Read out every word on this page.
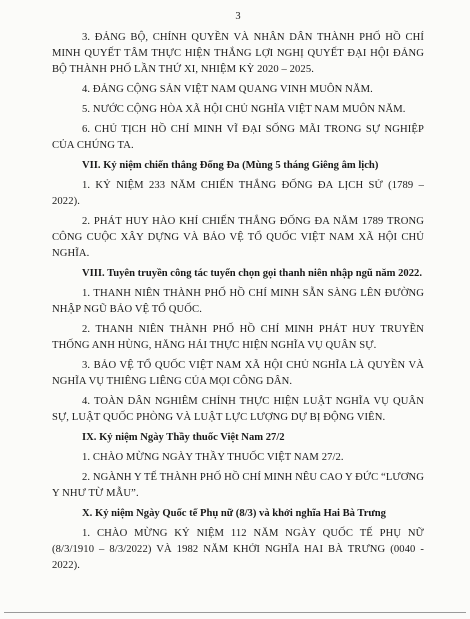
3

3. ĐẢNG BỘ, CHÍNH QUYỀN VÀ NHÂN DÂN THÀNH PHỐ HỒ CHÍ MINH QUYẾT TÂM THỰC HIỆN THẮNG LỢI NGHỊ QUYẾT ĐẠI HỘI ĐẢNG BỘ THÀNH PHỐ LẦN THỨ XI, NHIỆM KỲ 2020 – 2025.

4. ĐẢNG CỘNG SẢN VIỆT NAM QUANG VINH MUÔN NĂM.

5. NƯỚC CỘNG HÒA XÃ HỘI CHỦ NGHĨA VIỆT NAM MUÔN NĂM.

6. CHỦ TỊCH HỒ CHÍ MINH VĨ ĐẠI SỐNG MÃI TRONG SỰ NGHIỆP CỦA CHÚNG TA.

VII. Kỷ niệm chiến thắng Đống Đa (Mùng 5 tháng Giêng âm lịch)

1. KỶ NIỆM 233 NĂM CHIẾN THẮNG ĐỐNG ĐA LỊCH SỬ (1789 – 2022).

2. PHÁT HUY HÀO KHÍ CHIẾN THẮNG ĐỐNG ĐA NĂM 1789 TRONG CÔNG CUỘC XÂY DỰNG VÀ BẢO VỆ TỔ QUỐC VIỆT NAM XÃ HỘI CHỦ NGHĨA.

VIII. Tuyên truyền công tác tuyển chọn gọi thanh niên nhập ngũ năm 2022.

1. THANH NIÊN THÀNH PHỐ HỒ CHÍ MINH SẴN SÀNG LÊN ĐƯỜNG NHẬP NGŨ BẢO VỆ TỔ QUỐC.

2. THANH NIÊN THÀNH PHỐ HỒ CHÍ MINH PHÁT HUY TRUYỀN THỐNG ANH HÙNG, HĂNG HÁI THỰC HIỆN NGHĨA VỤ QUÂN SỰ.

3. BẢO VỆ TỔ QUỐC VIỆT NAM XÃ HỘI CHỦ NGHĨA LÀ QUYỀN VÀ NGHĨA VỤ THIÊNG LIÊNG CỦA MỌI CÔNG DÂN.

4. TOÀN DÂN NGHIÊM CHỈNH THỰC HIỆN LUẬT NGHĨA VỤ QUÂN SỰ, LUẬT QUỐC PHÒNG VÀ LUẬT LỰC LƯỢNG DỰ BỊ ĐỘNG VIÊN.

IX. Kỷ niệm Ngày Thầy thuốc Việt Nam 27/2

1. CHÀO MỪNG NGÀY THẦY THUỐC VIỆT NAM 27/2.

2. NGÀNH Y TẾ THÀNH PHỐ HỒ CHÍ MINH NÊU CAO Y ĐỨC “LƯƠNG Y NHƯ TỪ MẪU”.

X. Kỷ niệm Ngày Quốc tế Phụ nữ (8/3) và khởi nghĩa Hai Bà Trưng

1. CHÀO MỪNG KỶ NIỆM 112 NĂM NGÀY QUỐC TẾ PHỤ NỮ (8/3/1910 – 8/3/2022) VÀ 1982 NĂM KHỞI NGHĨA HAI BÀ TRƯNG (0040 - 2022).
